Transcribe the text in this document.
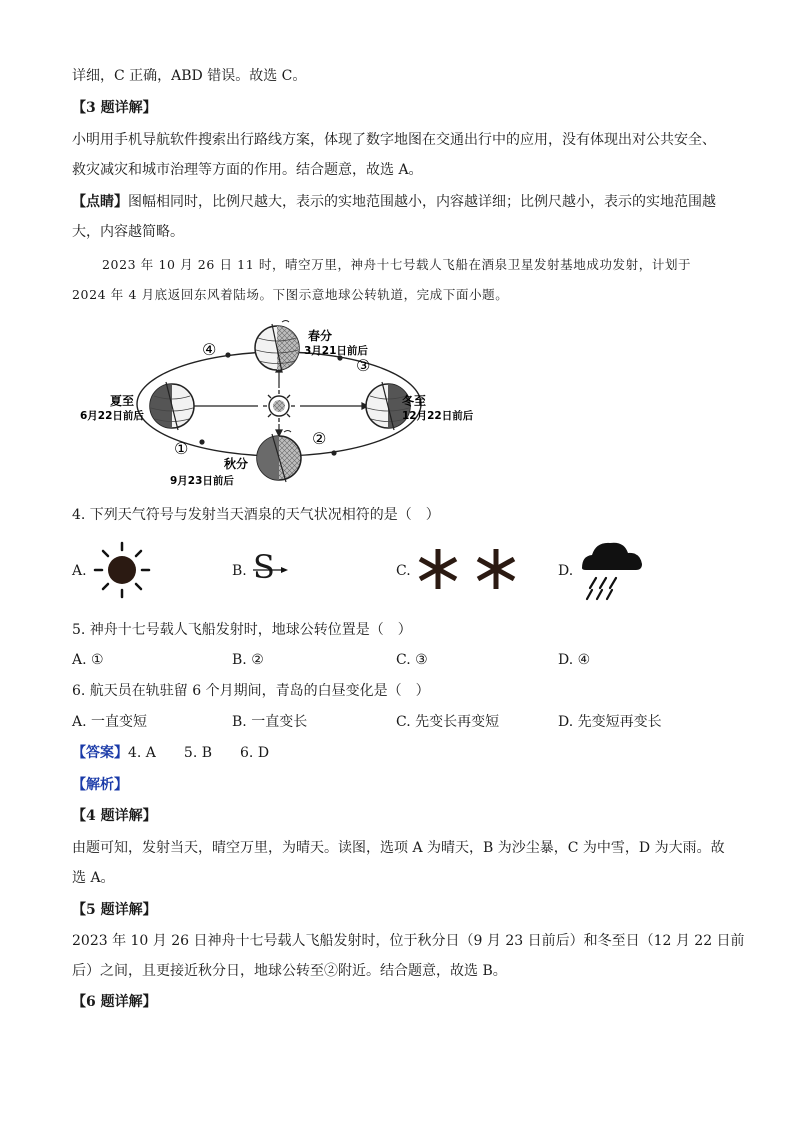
详细，C 正确，ABD 错误。故选 C。
【3 题详解】
小明用手机导航软件搜索出行路线方案，体现了数字地图在交通出行中的应用，没有体现出对公共安全、
救灾减灾和城市治理等方面的作用。结合题意，故选 A。
【点睛】图幅相同时，比例尺越大，表示的实地范围越小，内容越详细；比例尺越小，表示的实地范围越
大，内容越简略。
2023 年 10 月 26 日 11 时，晴空万里，神舟十七号载人飞船在酒泉卫星发射基地成功发射，计划于
2024 年 4 月底返回东风着陆场。下图示意地球公转轨道，完成下面小题。
④
③
①
②
春分
3月21日前后
夏至
6月22日前后
冬至
12月22日前后
秋分
9月23日前后
4. 下列天气符号与发射当天酒泉的天气状况相符的是（　）
A.	B. S	C.	D.
5. 神舟十七号载人飞船发射时，地球公转位置是（　）
A. ①	B. ②	C. ③	D. ④
6. 航天员在轨驻留 6 个月期间，青岛的白昼变化是（　）
A. 一直变短	B. 一直变长	C. 先变长再变短	D. 先变短再变长
【答案】4. A　　5. B　　6. D
【解析】
【4 题详解】
由题可知，发射当天，晴空万里，为晴天。读图，选项 A 为晴天，B 为沙尘暴，C 为中雪，D 为大雨。故
选 A。
【5 题详解】
2023 年 10 月 26 日神舟十七号载人飞船发射时，位于秋分日（9 月 23 日前后）和冬至日（12 月 22 日前
后）之间，且更接近秋分日，地球公转至②附近。结合题意，故选 B。
【6 题详解】
